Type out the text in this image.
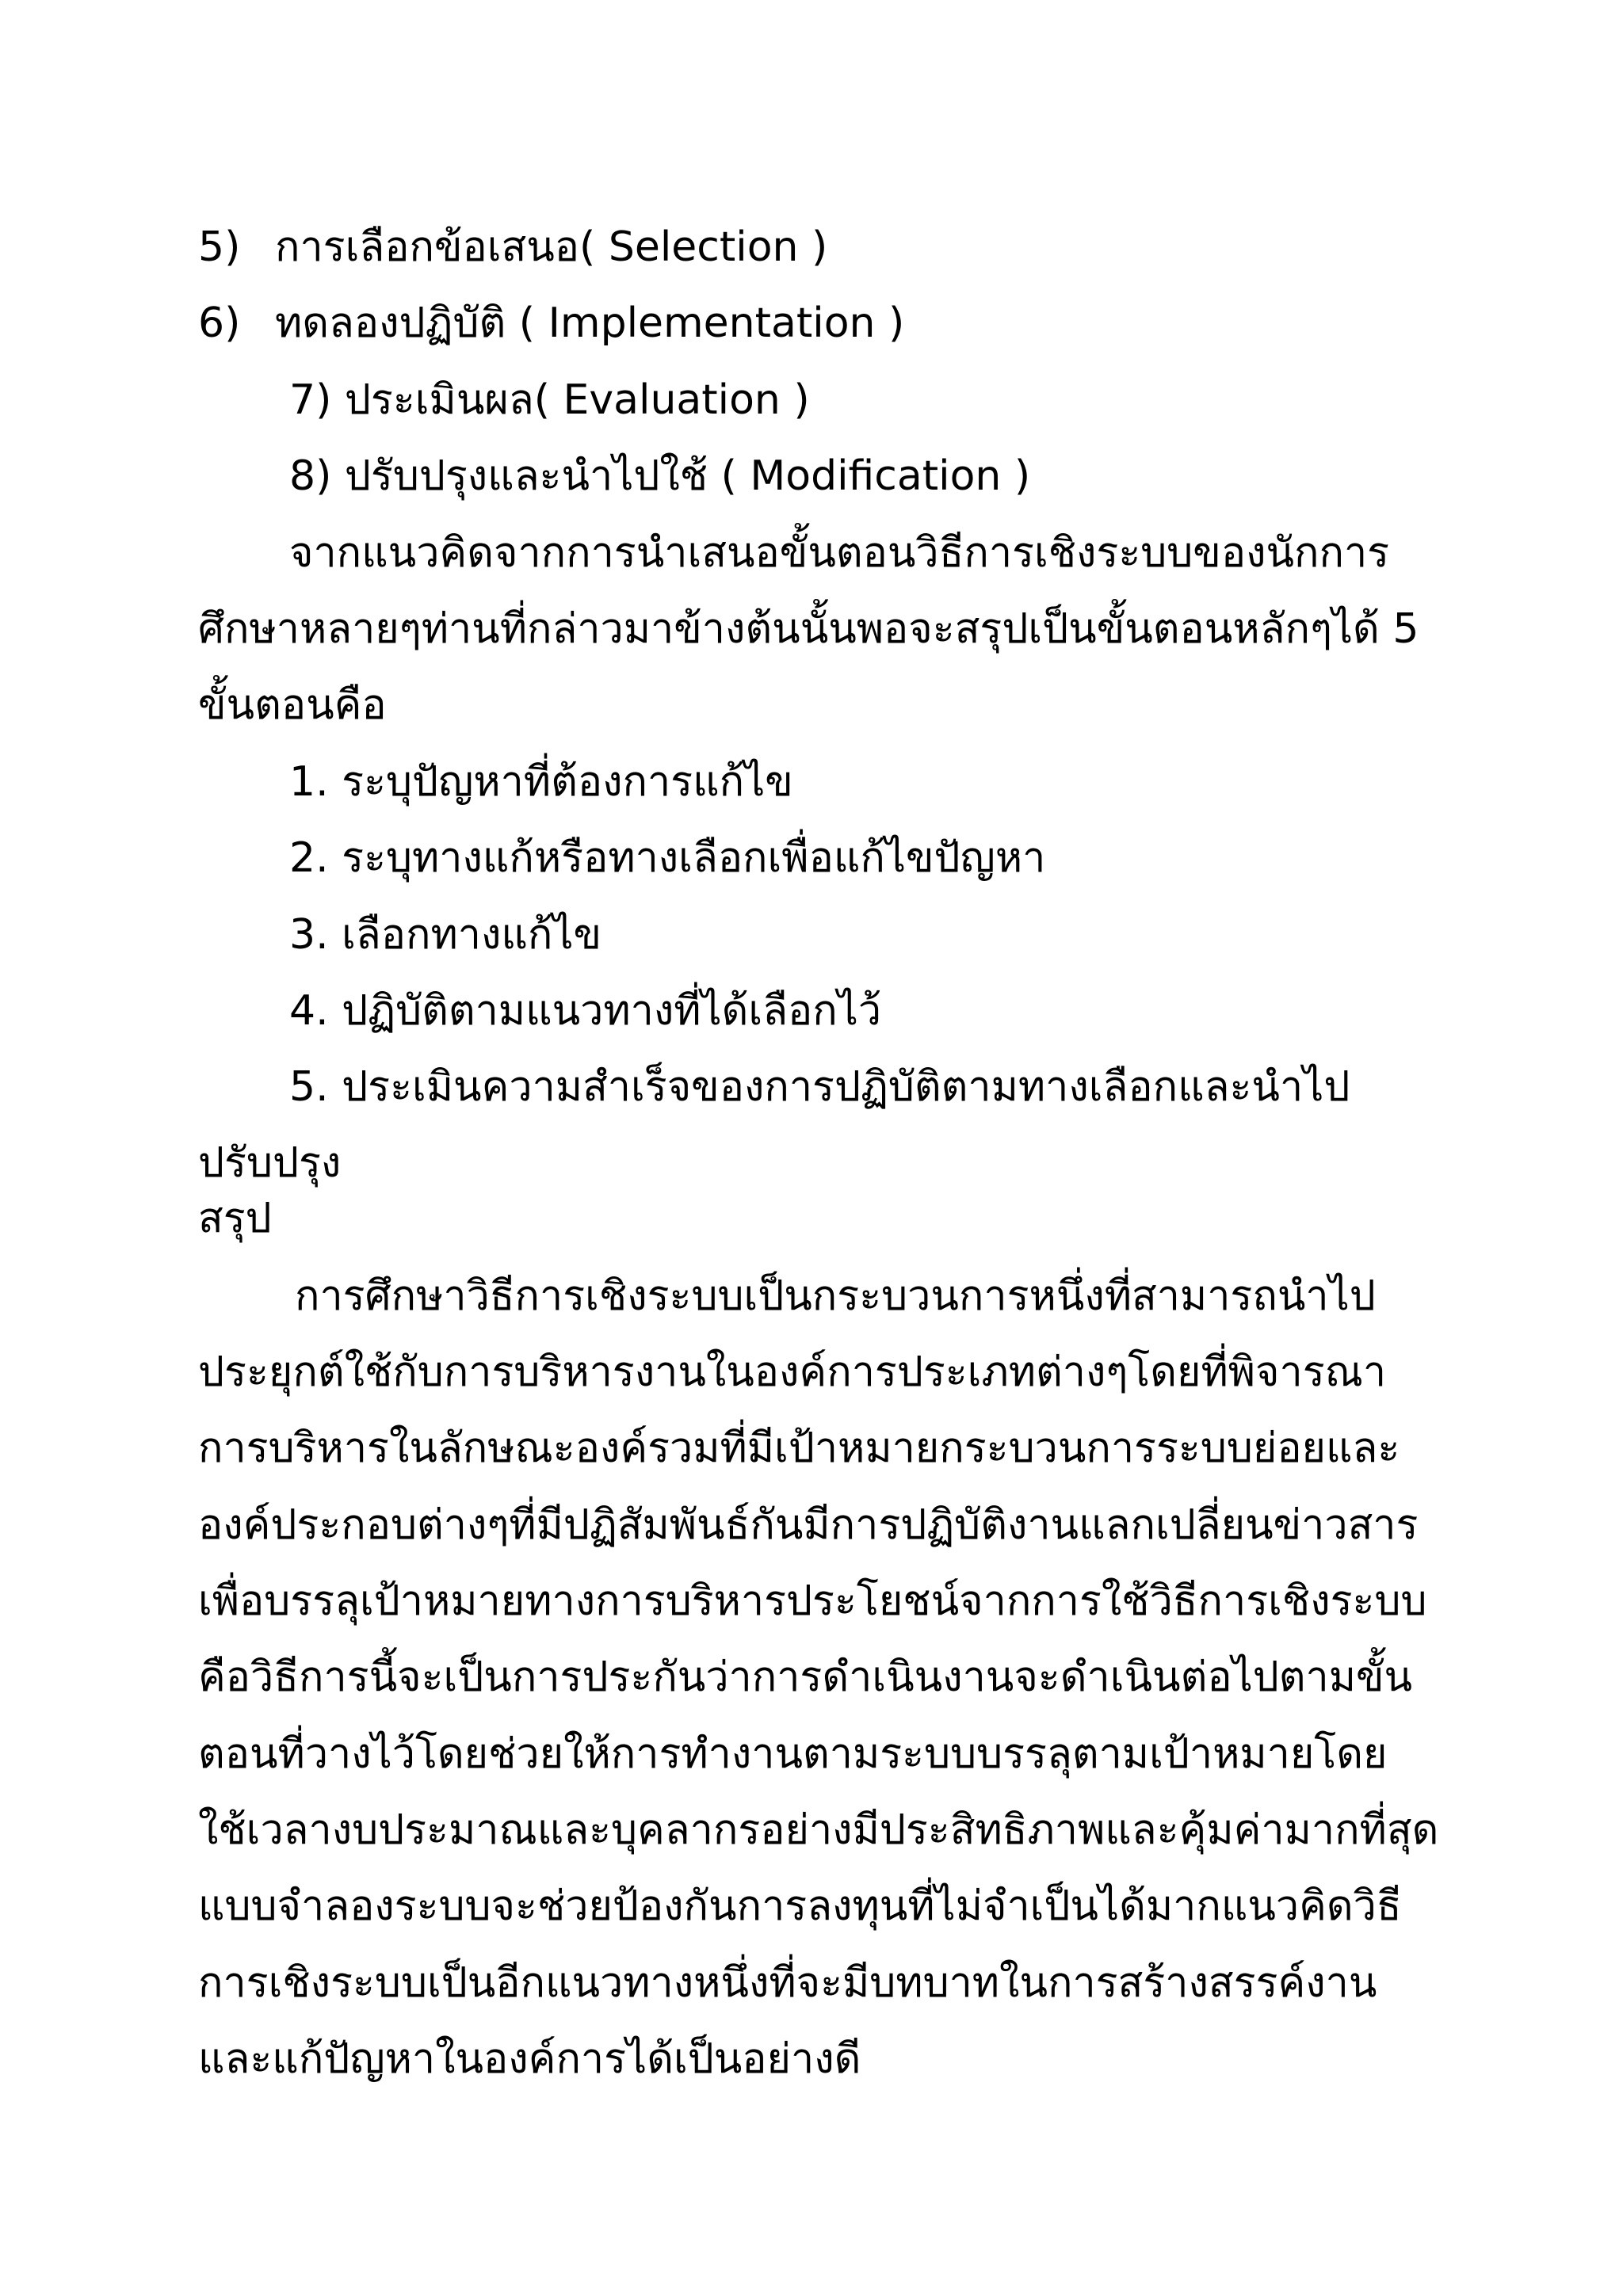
5) การเลือกข้อเสนอ( Selection )
6) ทดลองปฏิบัติ ( Implementation )
7) ประเมินผล( Evaluation )
8) ปรับปรุงและนำไปใช้ ( Modification )
จากแนวคิดจากการนำเสนอขั้นตอนวิธีการเชิงระบบของนักการ
ศึกษาหลายๆท่านที่กล่าวมาข้างต้นนั้นพอจะสรุปเป็นขั้นตอนหลักๆได้ 5
ขั้นตอนคือ
1. ระบุปัญหาที่ต้องการแก้ไข
2. ระบุทางแก้หรือทางเลือกเพื่อแก้ไขปัญหา
3. เลือกทางแก้ไข
4. ปฏิบัติตามแนวทางที่ได้เลือกไว้
5. ประเมินความสำเร็จของการปฏิบัติตามทางเลือกและนำไป
ปรับปรุง
สรุป
การศึกษาวิธีการเชิงระบบเป็นกระบวนการหนึ่งที่สามารถนำไป
ประยุกต์ใช้กับการบริหารงานในองค์การประเภทต่างๆโดยที่พิจารณา
การบริหารในลักษณะองค์รวมที่มีเป้าหมายกระบวนการระบบย่อยและ
องค์ประกอบต่างๆที่มีปฏิสัมพันธ์กันมีการปฏิบัติงานแลกเปลี่ยนข่าวสาร
เพื่อบรรลุเป้าหมายทางการบริหารประโยชน์จากการใช้วิธีการเชิงระบบ
คือวิธีการนี้จะเป็นการประกันว่าการดำเนินงานจะดำเนินต่อไปตามขั้น
ตอนที่วางไว้โดยช่วยให้การทำงานตามระบบบรรลุตามเป้าหมายโดย
ใช้เวลางบประมาณและบุคลากรอย่างมีประสิทธิภาพและคุ้มค่ามากที่สุด
แบบจำลองระบบจะช่วยป้องกันการลงทุนที่ไม่จำเป็นได้มากแนวคิดวิธี
การเชิงระบบเป็นอีกแนวทางหนึ่งที่จะมีบทบาทในการสร้างสรรค์งาน
และแก้ปัญหาในองค์การได้เป็นอย่างดี
